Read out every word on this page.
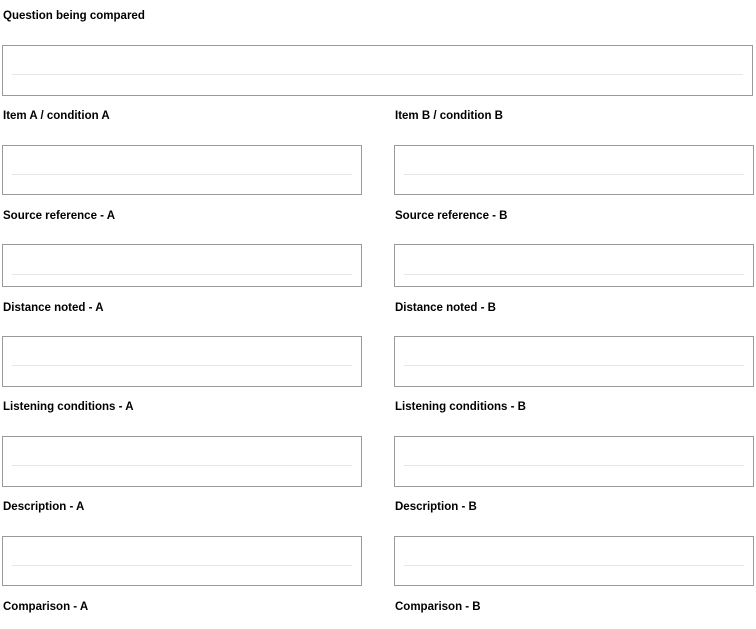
Question being compared
Item A / condition A	Item B / condition B
Source reference - A	Source reference - B
Distance noted - A	Distance noted - B
Listening conditions - A	Listening conditions - B
Description - A	Description - B
Comparison - A	Comparison - B
